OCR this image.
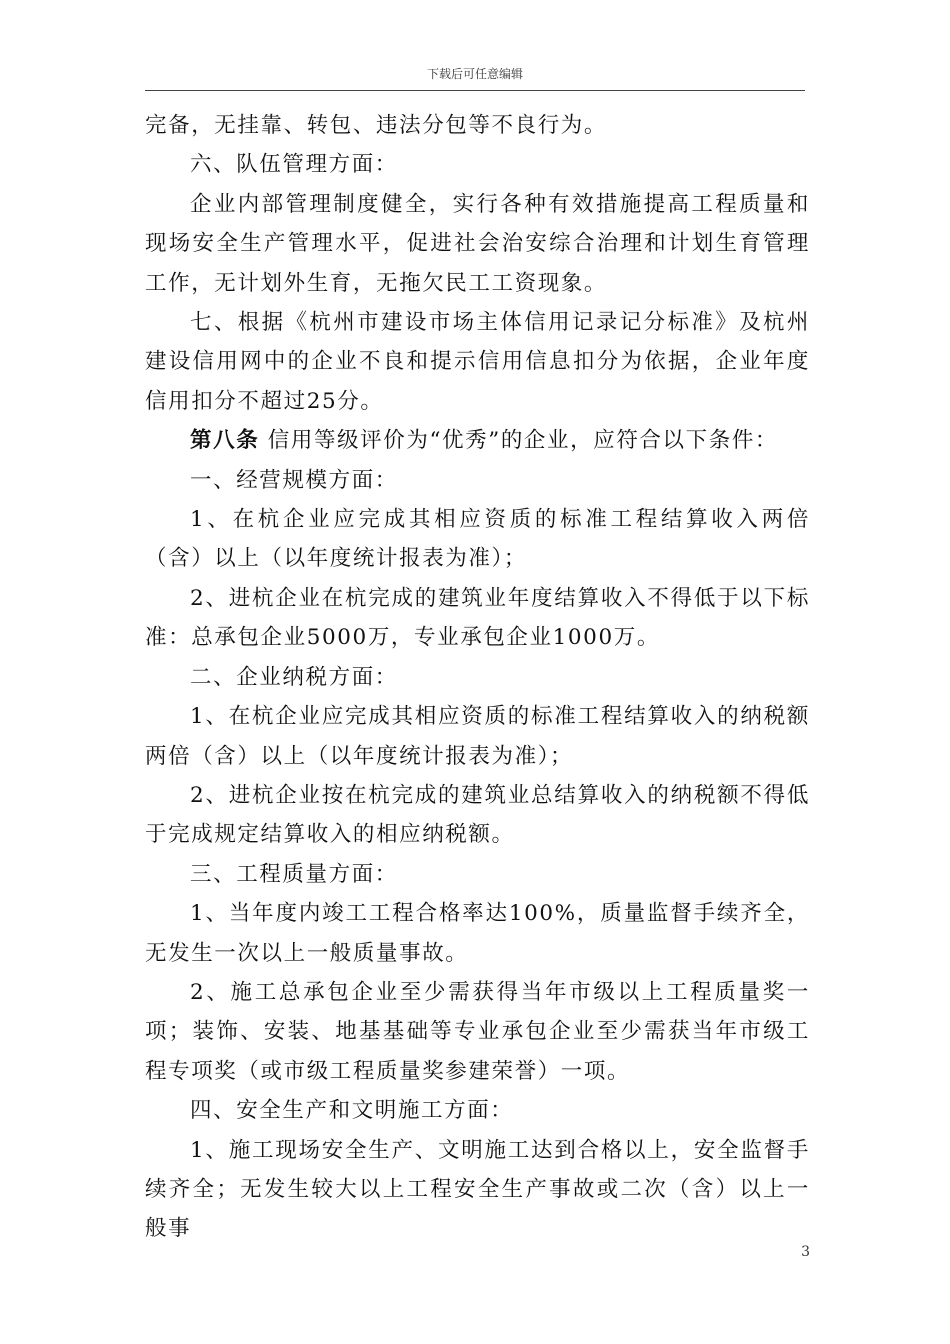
下载后可任意编辑

完备，无挂靠、转包、违法分包等不良行为。

六、队伍管理方面：

企业内部管理制度健全，实行各种有效措施提高工程质量和现场安全生产管理水平，促进社会治安综合治理和计划生育管理工作，无计划外生育，无拖欠民工工资现象。

七、根据《杭州市建设市场主体信用记录记分标准》及杭州建设信用网中的企业不良和提示信用信息扣分为依据，企业年度信用扣分不超过25分。

第八条 信用等级评价为“优秀”的企业，应符合以下条件：

一、经营规模方面：

1、在杭企业应完成其相应资质的标准工程结算收入两倍（含）以上（以年度统计报表为准）；

2、进杭企业在杭完成的建筑业年度结算收入不得低于以下标准：总承包企业5000万，专业承包企业1000万。

二、企业纳税方面：

1、在杭企业应完成其相应资质的标准工程结算收入的纳税额两倍（含）以上（以年度统计报表为准）；

2、进杭企业按在杭完成的建筑业总结算收入的纳税额不得低于完成规定结算收入的相应纳税额。

三、工程质量方面：

1、当年度内竣工工程合格率达100%，质量监督手续齐全，无发生一次以上一般质量事故。

2、施工总承包企业至少需获得当年市级以上工程质量奖一项；装饰、安装、地基基础等专业承包企业至少需获当年市级工程专项奖（或市级工程质量奖参建荣誉）一项。

四、安全生产和文明施工方面：

1、施工现场安全生产、文明施工达到合格以上，安全监督手续齐全；无发生较大以上工程安全生产事故或二次（含）以上一般事

3
